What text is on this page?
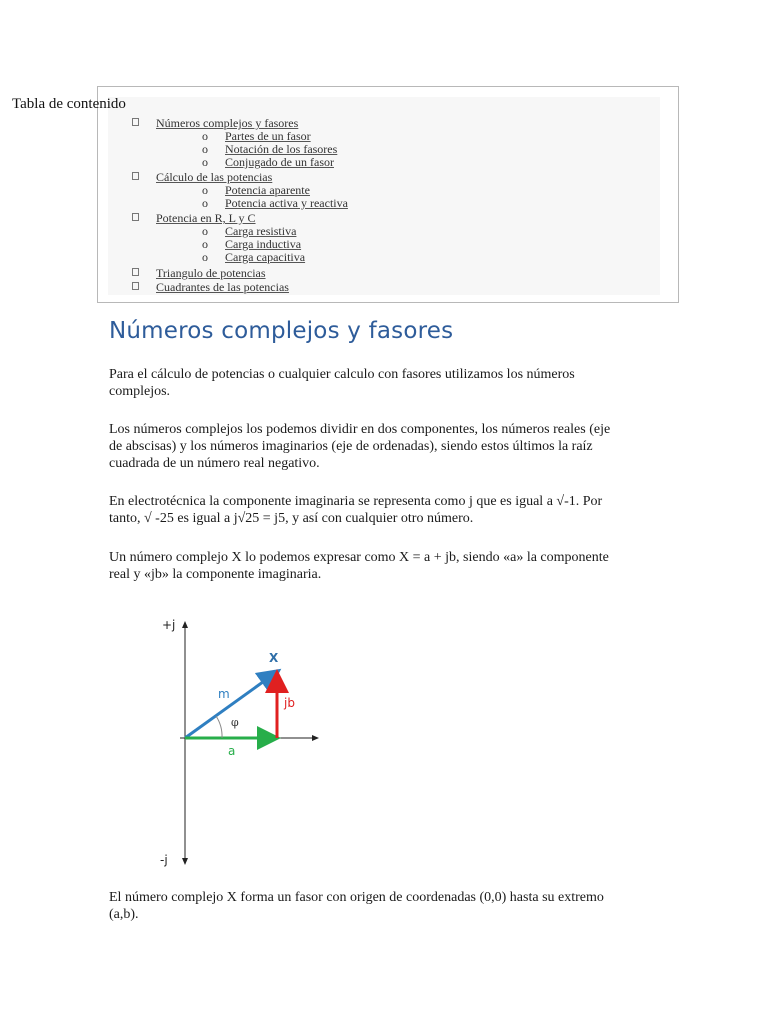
Tabla de contenido
Números complejos y fasores
o Partes de un fasor
o Notación de los fasores
o Conjugado de un fasor
Cálculo de las potencias
o Potencia aparente
o Potencia activa y reactiva
Potencia en R, L y C
o Carga resistiva
o Carga inductiva
o Carga capacitiva
Triangulo de potencias
Cuadrantes de las potencias
Números complejos y fasores

Para el cálculo de potencias o cualquier calculo con fasores utilizamos los números
complejos.

Los números complejos los podemos dividir en dos componentes, los números reales (eje
de abscisas) y los números imaginarios (eje de ordenadas), siendo estos últimos la raíz
cuadrada de un número real negativo.

En electrotécnica la componente imaginaria se representa como j que es igual a √-1. Por
tanto, √ -25 es igual a j√25 = j5, y así con cualquier otro número.

Un número complejo X lo podemos expresar como X = a + jb, siendo «a» la componente
real y «jb» la componente imaginaria.

+j
-j
X
m
φ
jb
a

El número complejo X forma un fasor con origen de coordenadas (0,0) hasta su extremo
(a,b).
